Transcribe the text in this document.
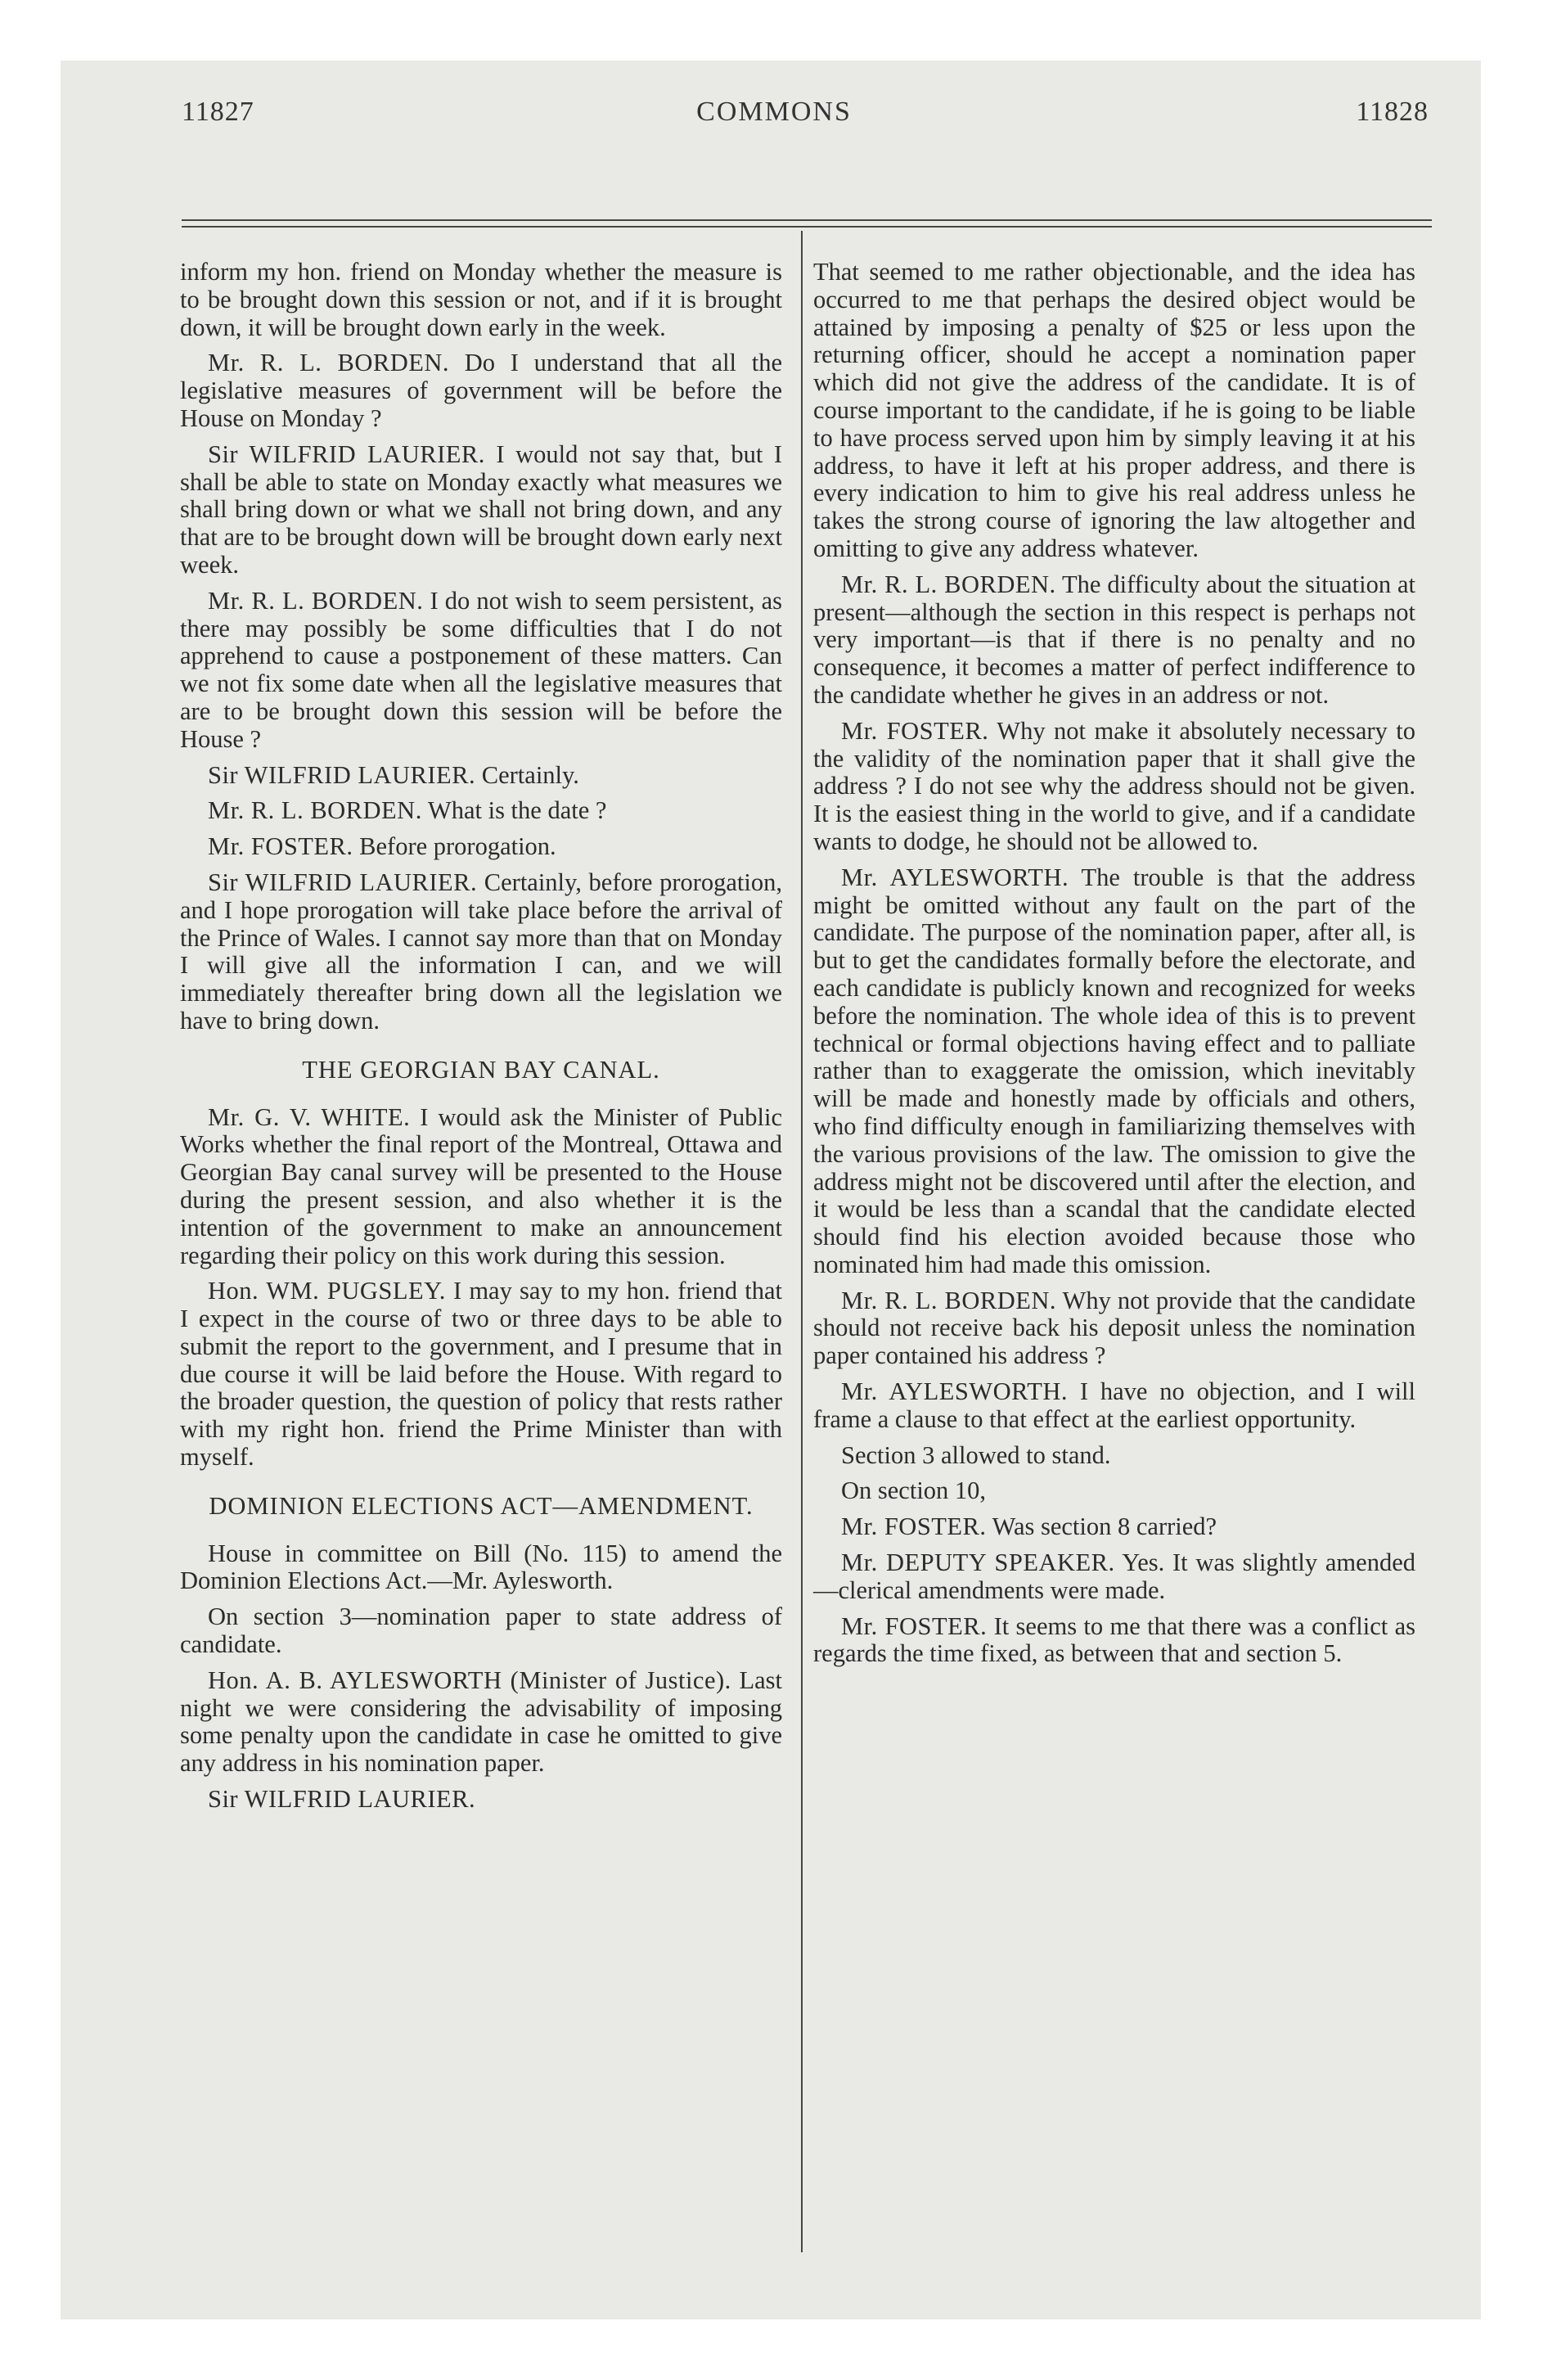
11827	COMMONS	11828

inform my hon. friend on Monday whether the measure is to be brought down this session or not, and if it is brought down, it will be brought down early in the week.

Mr. R. L. BORDEN. Do I understand that all the legislative measures of government will be before the House on Monday ?

Sir WILFRID LAURIER. I would not say that, but I shall be able to state on Monday exactly what measures we shall bring down or what we shall not bring down, and any that are to be brought down will be brought down early next week.

Mr. R. L. BORDEN. I do not wish to seem persistent, as there may possibly be some difficulties that I do not apprehend to cause a postponement of these matters. Can we not fix some date when all the legislative measures that are to be brought down this session will be before the House ?

Sir WILFRID LAURIER. Certainly.

Mr. R. L. BORDEN. What is the date ?

Mr. FOSTER. Before prorogation.

Sir WILFRID LAURIER. Certainly, before prorogation, and I hope prorogation will take place before the arrival of the Prince of Wales. I cannot say more than that on Monday I will give all the information I can, and we will immediately thereafter bring down all the legislation we have to bring down.

THE GEORGIAN BAY CANAL.

Mr. G. V. WHITE. I would ask the Minister of Public Works whether the final report of the Montreal, Ottawa and Georgian Bay canal survey will be presented to the House during the present session, and also whether it is the intention of the government to make an announcement regarding their policy on this work during this session.

Hon. WM. PUGSLEY. I may say to my hon. friend that I expect in the course of two or three days to be able to submit the report to the government, and I presume that in due course it will be laid before the House. With regard to the broader question, the question of policy that rests rather with my right hon. friend the Prime Minister than with myself.

DOMINION ELECTIONS ACT—AMENDMENT.

House in committee on Bill (No. 115) to amend the Dominion Elections Act.—Mr. Aylesworth.

On section 3—nomination paper to state address of candidate.

Hon. A. B. AYLESWORTH (Minister of Justice). Last night we were considering the advisability of imposing some penalty upon the candidate in case he omitted to give any address in his nomination paper.

Sir WILFRID LAURIER.

That seemed to me rather objectionable, and the idea has occurred to me that perhaps the desired object would be attained by imposing a penalty of $25 or less upon the returning officer, should he accept a nomination paper which did not give the address of the candidate. It is of course important to the candidate, if he is going to be liable to have process served upon him by simply leaving it at his address, to have it left at his proper address, and there is every indication to him to give his real address unless he takes the strong course of ignoring the law altogether and omitting to give any address whatever.

Mr. R. L. BORDEN. The difficulty about the situation at present—although the section in this respect is perhaps not very important—is that if there is no penalty and no consequence, it becomes a matter of perfect indifference to the candidate whether he gives in an address or not.

Mr. FOSTER. Why not make it absolutely necessary to the validity of the nomination paper that it shall give the address ? I do not see why the address should not be given. It is the easiest thing in the world to give, and if a candidate wants to dodge, he should not be allowed to.

Mr. AYLESWORTH. The trouble is that the address might be omitted without any fault on the part of the candidate. The purpose of the nomination paper, after all, is but to get the candidates formally before the electorate, and each candidate is publicly known and recognized for weeks before the nomination. The whole idea of this is to prevent technical or formal objections having effect and to palliate rather than to exaggerate the omission, which inevitably will be made and honestly made by officials and others, who find difficulty enough in familiarizing themselves with the various provisions of the law. The omission to give the address might not be discovered until after the election, and it would be less than a scandal that the candidate elected should find his election avoided because those who nominated him had made this omission.

Mr. R. L. BORDEN. Why not provide that the candidate should not receive back his deposit unless the nomination paper contained his address ?

Mr. AYLESWORTH. I have no objection, and I will frame a clause to that effect at the earliest opportunity.

Section 3 allowed to stand.

On section 10,

Mr. FOSTER. Was section 8 carried?

Mr. DEPUTY SPEAKER. Yes. It was slightly amended—clerical amendments were made.

Mr. FOSTER. It seems to me that there was a conflict as regards the time fixed, as between that and section 5.
